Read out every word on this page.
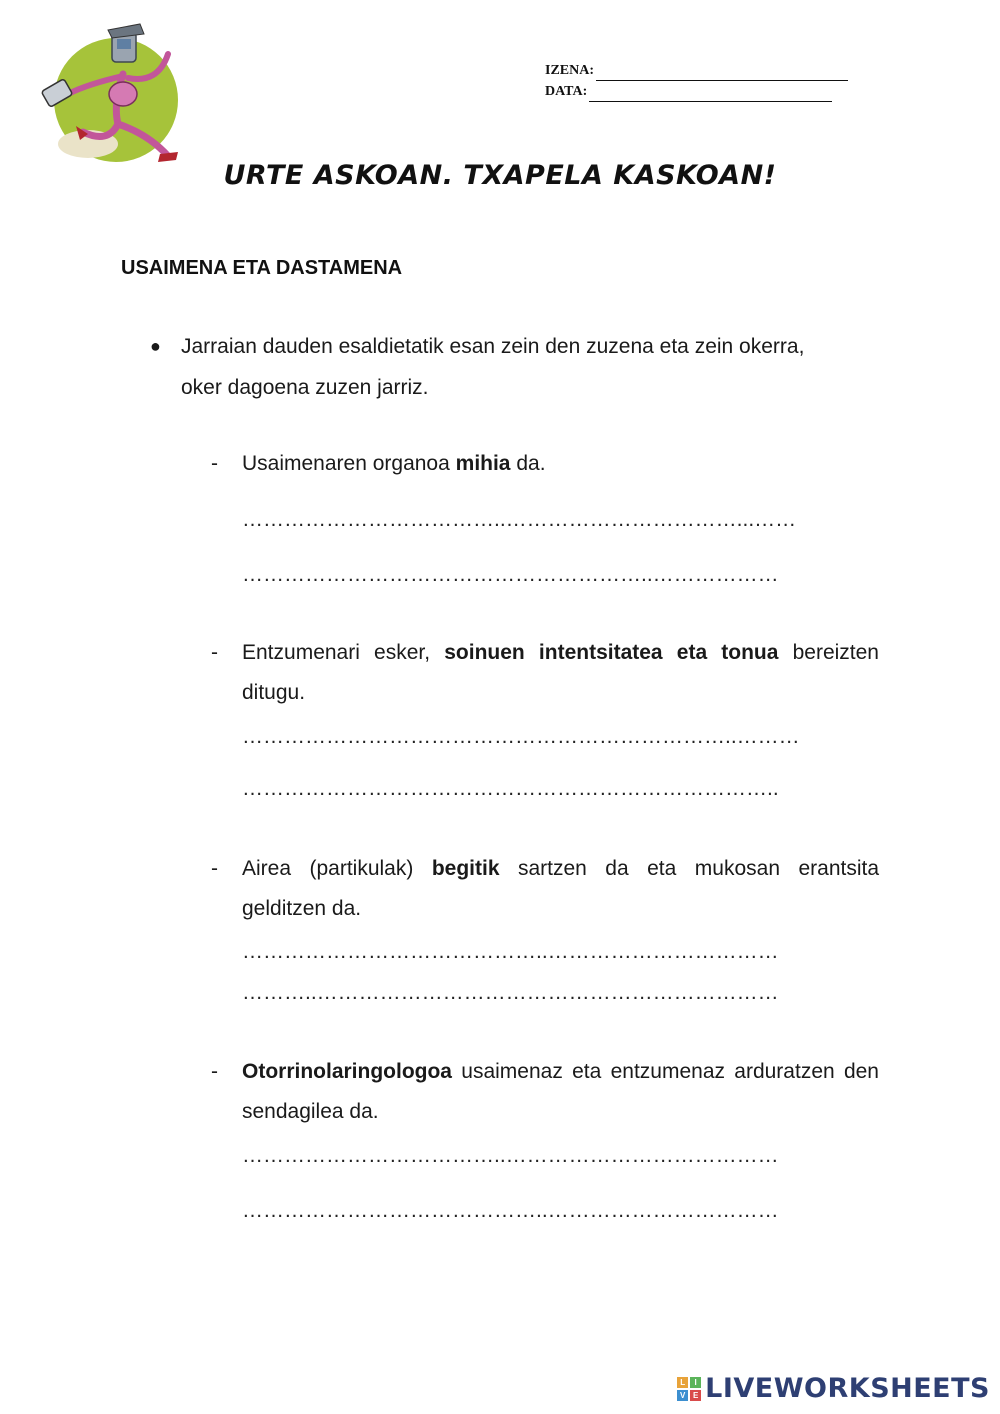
IZENA:
DATA:
URTE ASKOAN. TXAPELA KASKOAN!
USAIMENA ETA DASTAMENA
● Jarraian dauden esaldietatik esan zein den zuzena eta zein okerra, oker dagoena zuzen jarriz.
- Usaimenaren organoa mihia da.
………………………………..……………………………...……
…………………………………………………..………………
- Entzumenari esker, soinuen intentsitatea eta tonua bereizten ditugu.
……………………………………………………………..………
…………………………………………………………………..
- Airea (partikulak) begitik sartzen da eta mukosan erantsita gelditzen da.
……………………………………..……………………………
………..…………………………………………………………
- Otorrinolaringologoa usaimenaz eta entzumenaz arduratzen den sendagilea da.
………………………………..…………………………………
……………………………………..……………………………
L	I
V E LIVEWORKSHEETS
